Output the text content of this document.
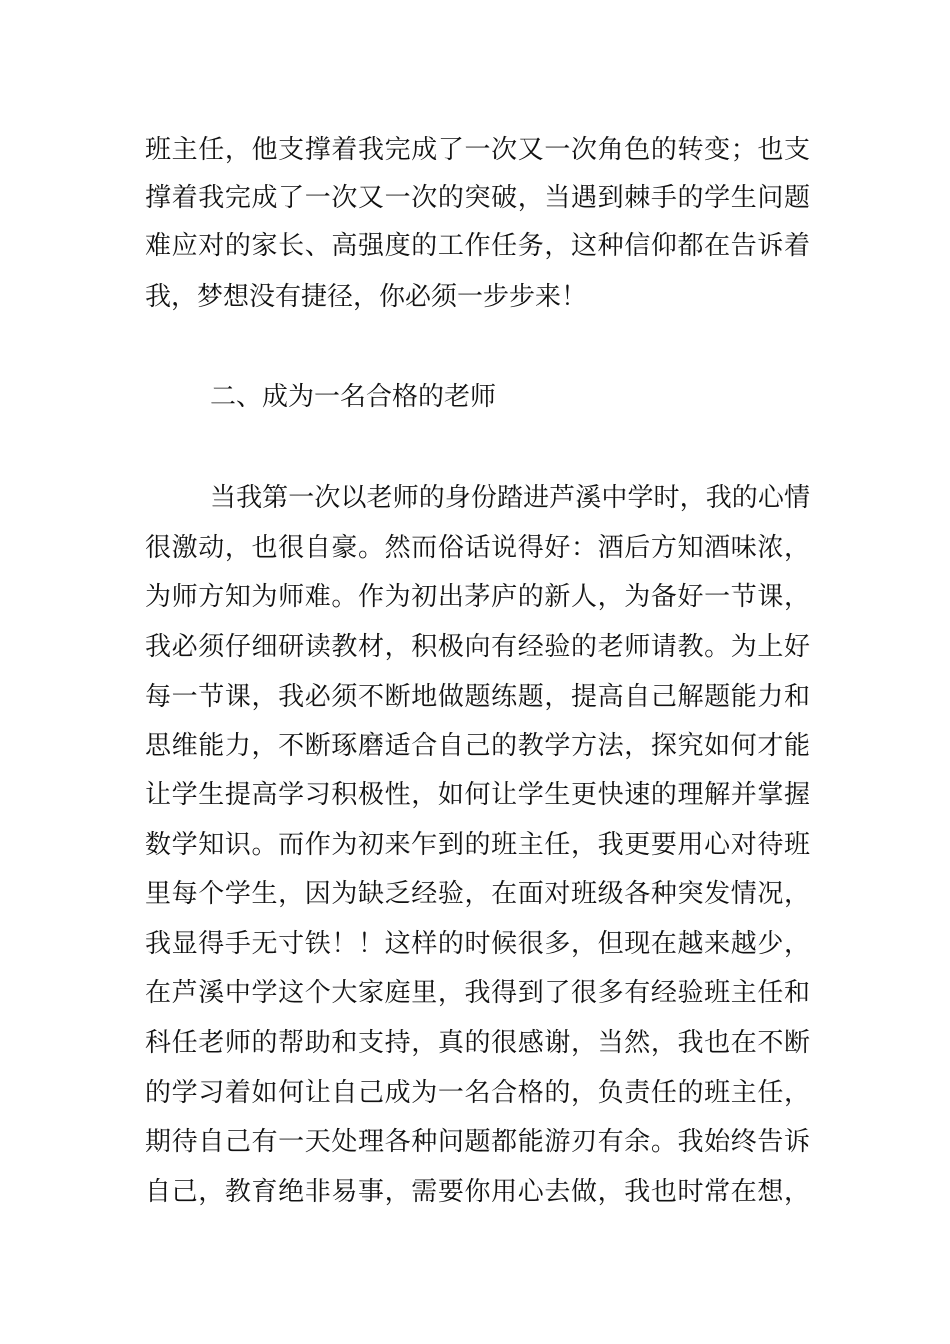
班主任，他支撑着我完成了一次又一次角色的转变；也支
撑着我完成了一次又一次的突破，当遇到棘手的学生问题
难应对的家长、高强度的工作任务，这种信仰都在告诉着
我，梦想没有捷径，你必须一步步来！
二、成为一名合格的老师
当我第一次以老师的身份踏进芦溪中学时，我的心情
很激动，也很自豪。然而俗话说得好：酒后方知酒味浓，
为师方知为师难。作为初出茅庐的新人，为备好一节课，
我必须仔细研读教材，积极向有经验的老师请教。为上好
每一节课，我必须不断地做题练题，提高自己解题能力和
思维能力，不断琢磨适合自己的教学方法，探究如何才能
让学生提高学习积极性，如何让学生更快速的理解并掌握
数学知识。而作为初来乍到的班主任，我更要用心对待班
里每个学生，因为缺乏经验，在面对班级各种突发情况，
我显得手无寸铁！！这样的时候很多，但现在越来越少，
在芦溪中学这个大家庭里，我得到了很多有经验班主任和
科任老师的帮助和支持，真的很感谢，当然，我也在不断
的学习着如何让自己成为一名合格的，负责任的班主任，
期待自己有一天处理各种问题都能游刃有余。我始终告诉
自己，教育绝非易事，需要你用心去做，我也时常在想，
